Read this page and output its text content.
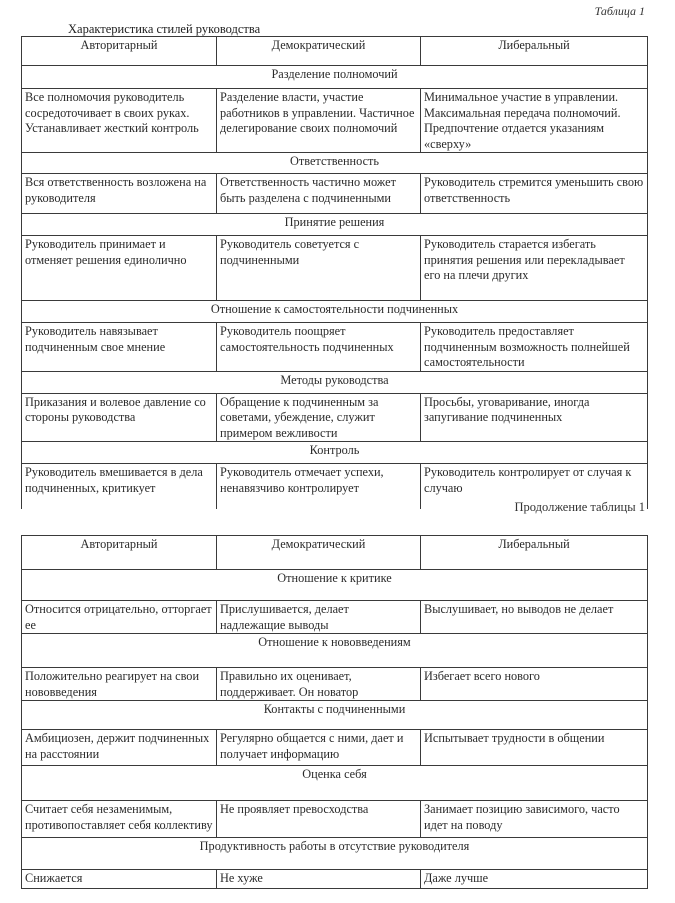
Таблица 1
Характеристика стилей руководства
Авторитарный	Демократический	Либеральный
Разделение полномочий		
Все полномочия руководитель сосредоточивает в своих руках. Устанавливает жесткий контроль	Разделение власти, участие работников в управлении. Частичное делегирование своих полномочий	Минимальное участие в управлении. Максимальная передача полномочий. Предпочтение отдается указаниям «сверху»
Ответственность		
Вся ответственность возложена на руководителя	Ответственность частично может быть разделена с подчиненными	Руководитель стремится уменьшить свою ответственность
Принятие решения		
Руководитель принимает и отменяет решения единолично	Руководитель советуется с подчиненными	Руководитель старается избегать принятия решения или перекладывает его на плечи других
Отношение к самостоятельности подчиненных		
Руководитель навязывает подчиненным свое мнение	Руководитель поощряет самостоятельность подчиненных	Руководитель предоставляет подчиненным возможность полнейшей самостоятельности
Методы руководства		
Приказания и волевое давление со стороны руководства	Обращение к подчиненным за советами, убеждение, служит примером вежливости	Просьбы, уговаривание, иногда запугивание подчиненных
Контроль		
Руководитель вмешивается в дела подчиненных, критикует	Руководитель отмечает успехи, ненавязчиво контролирует	Руководитель контролирует от случая к случаю
Продолжение таблицы 1
Авторитарный	Демократический	Либеральный
Отношение к критике		
Относится отрицательно, отторгает ее	Прислушивается, делает надлежащие выводы	Выслушивает, но выводов не делает
Отношение к нововведениям		
Положительно реагирует на свои нововведения	Правильно их оценивает, поддерживает. Он новатор	Избегает всего нового
Контакты с подчиненными		
Амбициозен, держит подчиненных на расстоянии	Регулярно общается с ними, дает и получает информацию	Испытывает трудности в общении
Оценка себя		
Считает себя незаменимым, противопоставляет себя коллективу	Не проявляет превосходства	Занимает позицию зависимого, часто идет на поводу
Продуктивность работы в отсутствие руководителя		
Снижается	Не хуже	Даже лучше
